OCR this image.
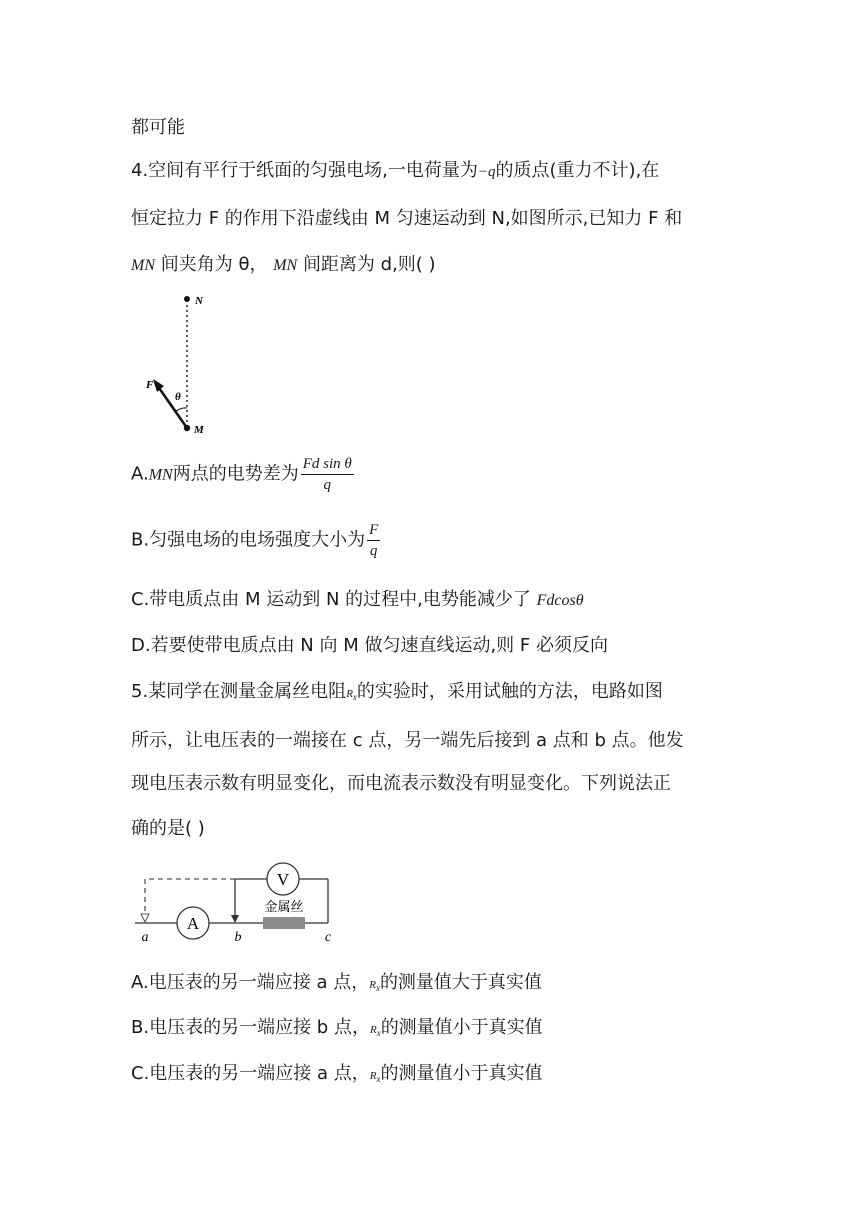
都可能
4.空间有平行于纸面的匀强电场,一电荷量为−q的质点(重力不计),在
恒定拉力 F 的作用下沿虚线由 M 匀速运动到 N,如图所示,已知力 F 和
MN 间夹角为 θ， MN 间距离为 d,则( )
N
M
F
θ
A.MN两点的电势差为 $\frac{\text{Fd sin θ}}{q}$
B.匀强电场的电场强度大小为 $\frac{F}{q}$
C.带电质点由 M 运动到 N 的过程中,电势能减少了 Fdcosθ
D.若要使带电质点由 N 向 M 做匀速直线运动,则 F 必须反向
5.某同学在测量金属丝电阻$R_x$的实验时，采用试触的方法，电路如图
所示，让电压表的一端接在 c 点，另一端先后接到 a 点和 b 点。他发
现电压表示数有明显变化，而电流表示数没有明显变化。下列说法正
确的是( )
V
A
金属丝
a	b	c
A.电压表的另一端应接 a 点，$R_x$的测量值大于真实值
B.电压表的另一端应接 b 点，$R_x$的测量值小于真实值
C.电压表的另一端应接 a 点，$R_x$的测量值小于真实值
